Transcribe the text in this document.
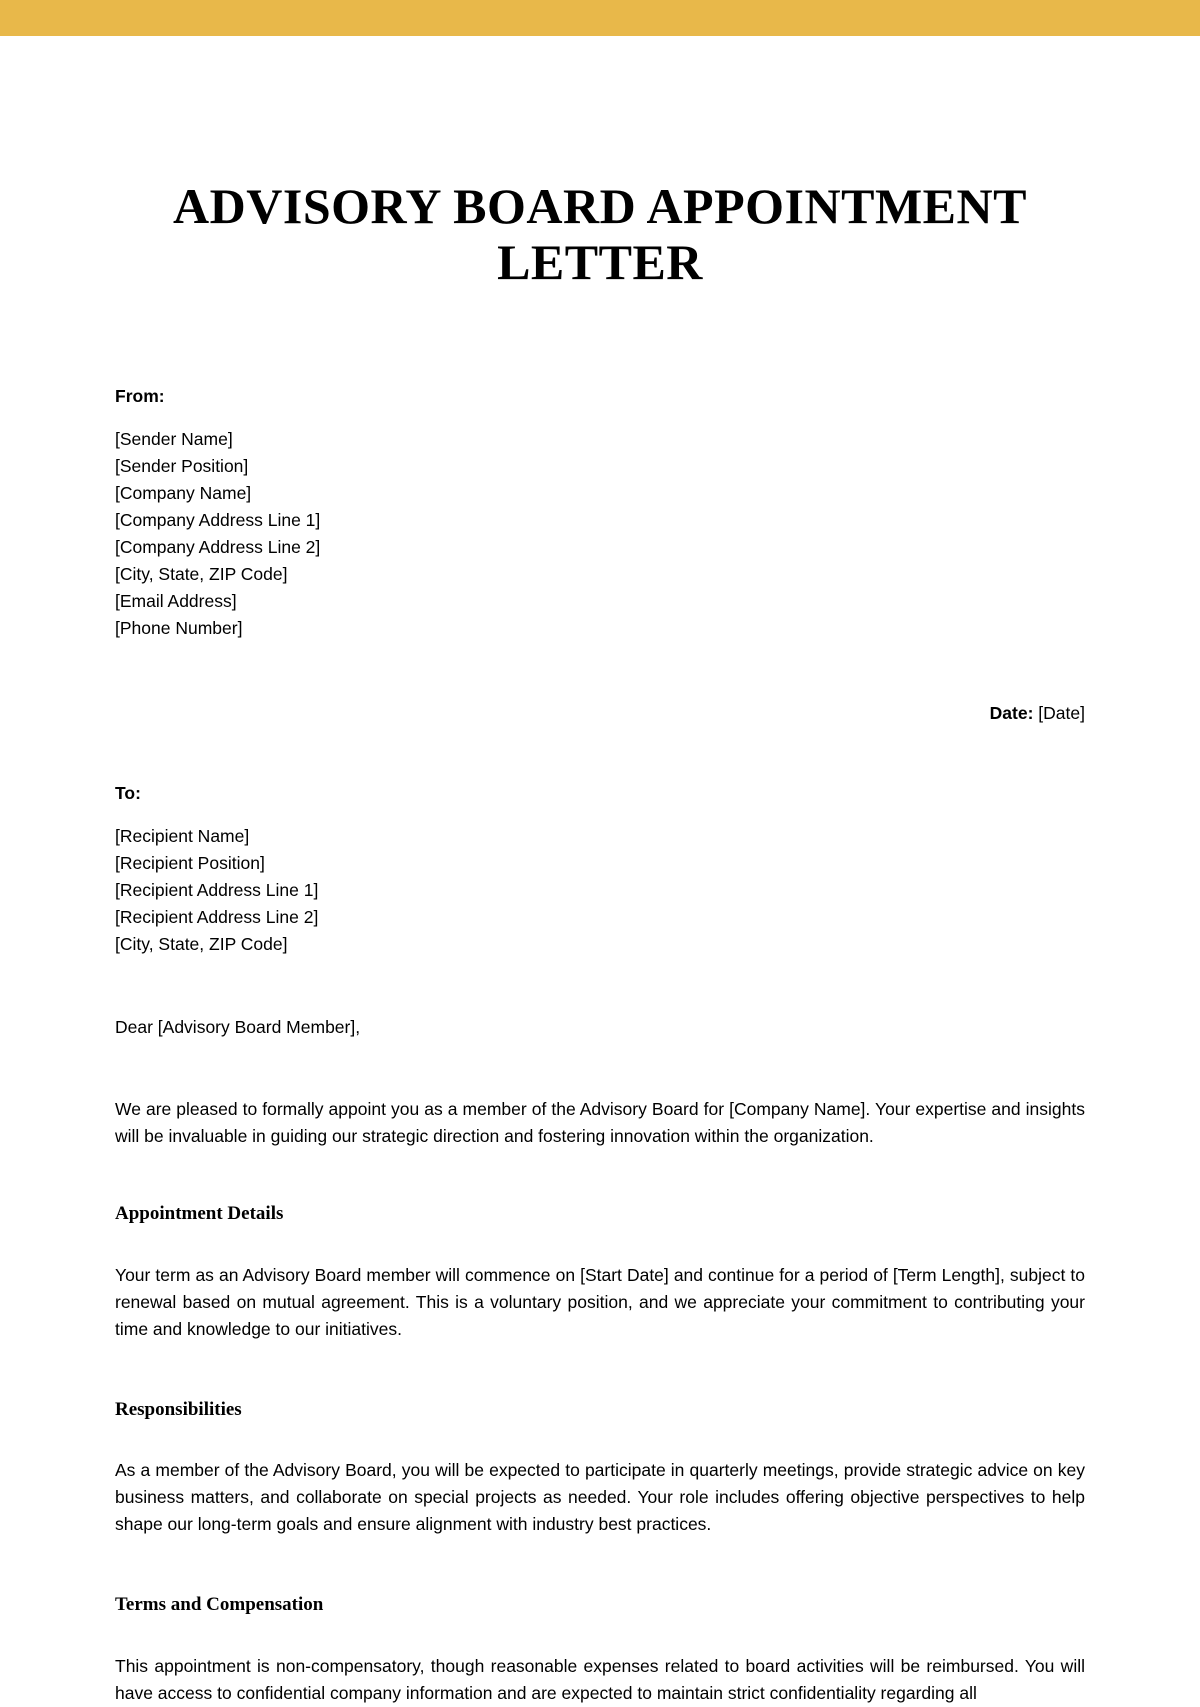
ADVISORY BOARD APPOINTMENT
LETTER
From:
[Sender Name]
[Sender Position]
[Company Name]
[Company Address Line 1]
[Company Address Line 2]
[City, State, ZIP Code]
[Email Address]
[Phone Number]
Date: [Date]
To:
[Recipient Name]
[Recipient Position]
[Recipient Address Line 1]
[Recipient Address Line 2]
[City, State, ZIP Code]
Dear [Advisory Board Member],
We are pleased to formally appoint you as a member of the Advisory Board for [Company Name]. Your expertise and insights will be invaluable in guiding our strategic direction and fostering innovation within the organization.
Appointment Details
Your term as an Advisory Board member will commence on [Start Date] and continue for a period of [Term Length], subject to renewal based on mutual agreement. This is a voluntary position, and we appreciate your commitment to contributing your time and knowledge to our initiatives.
Responsibilities
As a member of the Advisory Board, you will be expected to participate in quarterly meetings, provide strategic advice on key business matters, and collaborate on special projects as needed. Your role includes offering objective perspectives to help shape our long-term goals and ensure alignment with industry best practices.
Terms and Compensation
This appointment is non-compensatory, though reasonable expenses related to board activities will be reimbursed. You will have access to confidential company information and are expected to maintain strict confidentiality regarding all
